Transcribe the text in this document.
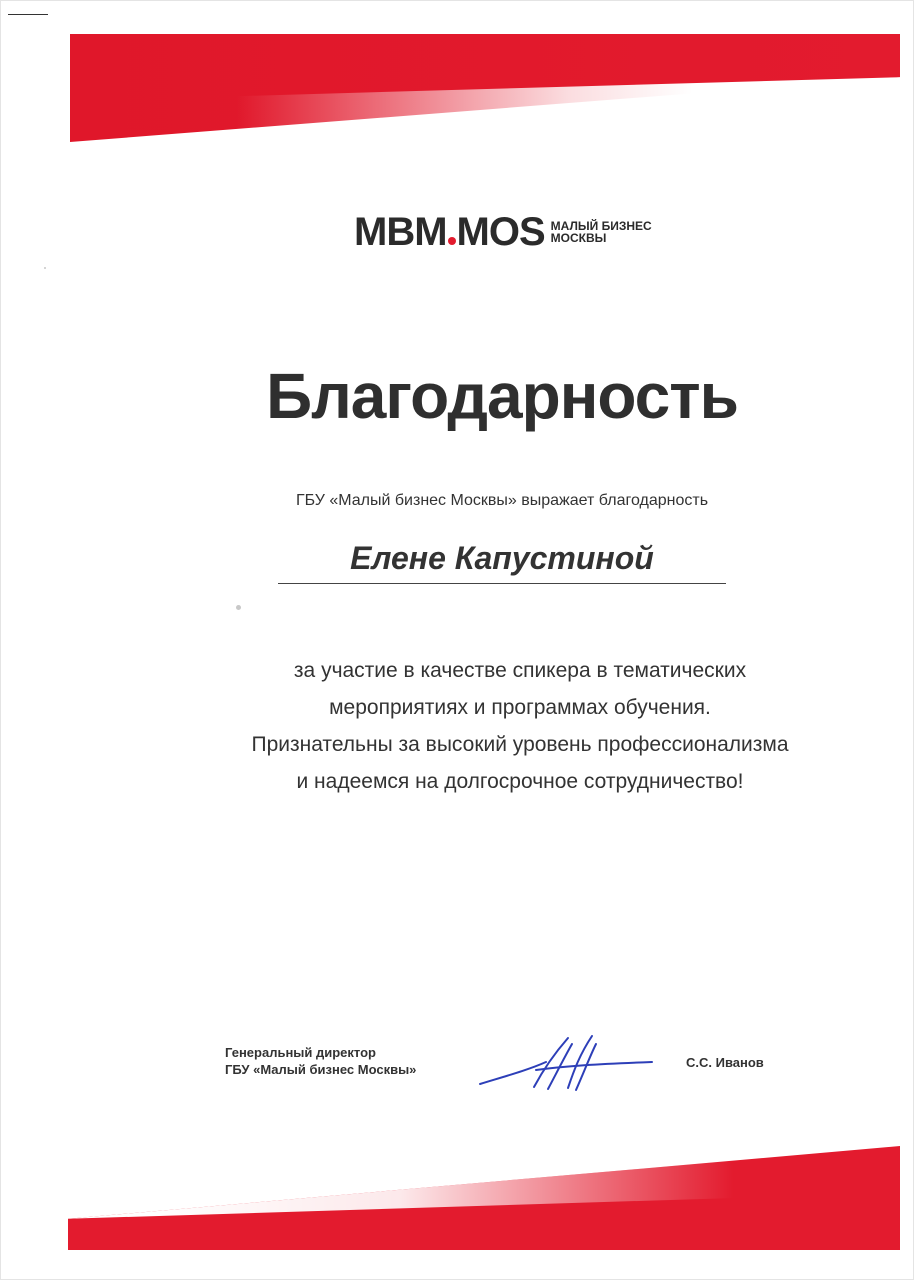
MBM MOS МАЛЫЙ БИЗНЕС
МОСКВЫ
Благодарность
ГБУ «Малый бизнес Москвы» выражает благодарность
Елене Капустиной
за участие в качестве спикера в тематических
мероприятиях и программах обучения.
Признательны за высокий уровень профессионализма
и надеемся на долгосрочное сотрудничество!
Генеральный директор
ГБУ «Малый бизнес Москвы»	С.С. Иванов
